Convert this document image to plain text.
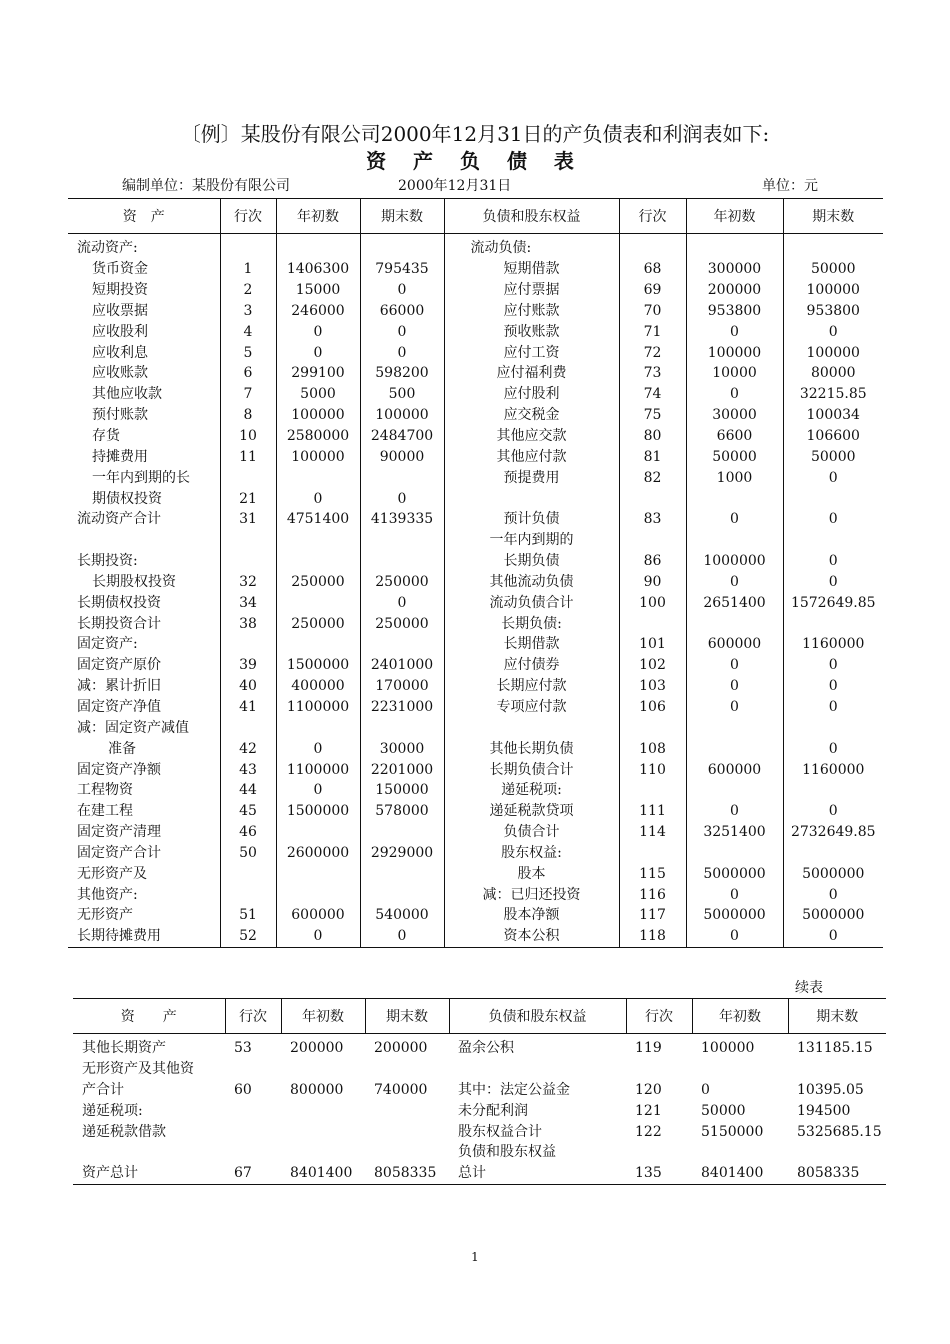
〔例〕某股份有限公司2000年12月31日的产负债表和利润表如下:
资 产 负 债 表
编制单位：某股份有限公司	2000年12月31日	单位：元
资　产	行次	年初数	期末数	负债和股东权益	行次	年初数	期末数
流动资产:				流动负债:			
货币资金	1	1406300	795435	短期借款	68	300000	50000
短期投资	2	15000	0	应付票据	69	200000	100000
应收票据	3	246000	66000	应付账款	70	953800	953800
应收股利	4	0	0	预收账款	71	0	0
应收利息	5	0	0	应付工资	72	100000	100000
应收账款	6	299100	598200	应付福利费	73	10000	80000
其他应收款	7	5000	500	应付股利	74	0	32215.85
预付账款	8	100000	100000	应交税金	75	30000	100034
存货	10	2580000	2484700	其他应交款	80	6600	106600
持摊费用	11	100000	90000	其他应付款	81	50000	50000
一年内到期的长				预提费用	82	1000	0
期债权投资	21	0	0				
流动资产合计	31	4751400	4139335	预计负债	83	0	0
				一年内到期的			
长期投资:				长期负债	86	1000000	0
长期股权投资	32	250000	250000	其他流动负债	90	0	0
长期债权投资	34		0	流动负债合计	100	2651400	1572649.85
长期投资合计	38	250000	250000	长期负债:			
固定资产:				长期借款	101	600000	1160000
固定资产原价	39	1500000	2401000	应付债券	102	0	0
减：累计折旧	40	400000	170000	长期应付款	103	0	0
固定资产净值	41	1100000	2231000	专项应付款	106	0	0
减：固定资产减值							
准备	42	0	30000	其他长期负债	108		0
固定资产净额	43	1100000	2201000	长期负债合计	110	600000	1160000
工程物资	44	0	150000	递延税项:			
在建工程	45	1500000	578000	递延税款贷项	111	0	0
固定资产清理	46			负债合计	114	3251400	2732649.85
固定资产合计	50	2600000	2929000	股东权益:			
无形资产及				股本	115	5000000	5000000
其他资产:				减：已归还投资	116	0	0
无形资产	51	600000	540000	股本净额	117	5000000	5000000
长期待摊费用	52	0	0	资本公积	118	0	0
续表
资　　产	行次	年初数	期末数	负债和股东权益	行次	年初数	期末数
其他长期资产	53	200000	200000	盈余公积	119	100000	131185.15
无形资产及其他资							
产合计	60	800000	740000	其中：法定公益金	120	0	10395.05
递延税项:				未分配利润	121	50000	194500
递延税款借款				股东权益合计	122	5150000	5325685.15
				负债和股东权益			
资产总计	67	8401400	8058335	总计	135	8401400	8058335
1
